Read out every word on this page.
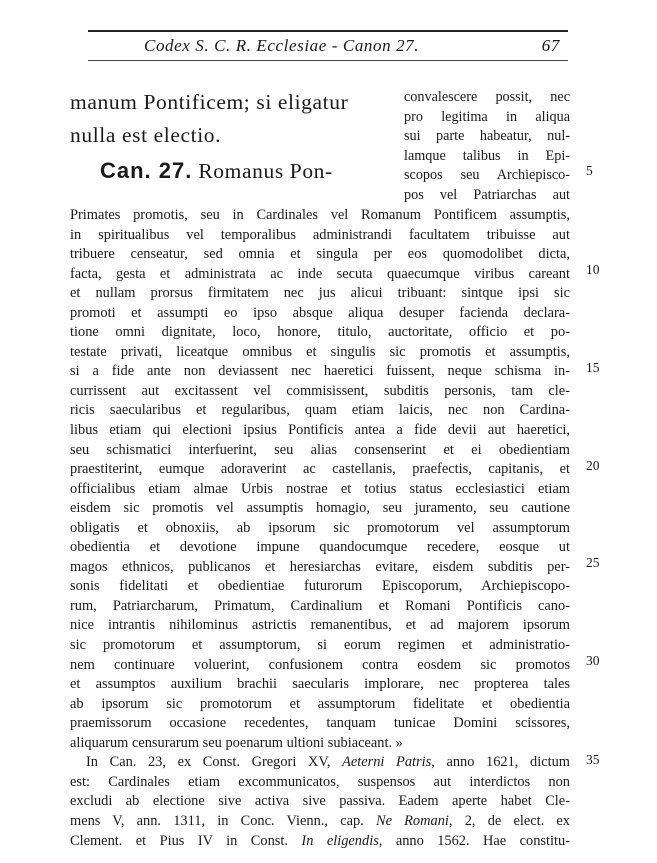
Codex S. C. R. Ecclesiae - Canon 27.	67
manum Pontificem; si eligatur
nulla est electio.
Can. 27. Romanus Pon-
convalescere possit, nec
pro legitima in aliqua
sui parte habeatur, nul-
lamque talibus in Epi-
scopos seu Archiepisco-
pos vel Patriarchas aut
Primates promotis, seu in Cardinales vel Romanum Pontificem assumptis,
in spiritualibus vel temporalibus administrandi facultatem tribuisse aut
tribuere censeatur, sed omnia et singula per eos quomodolibet dicta,
facta, gesta et administrata ac inde secuta quaecumque viribus careant
et nullam prorsus firmitatem nec jus alicui tribuant: sintque ipsi sic
promoti et assumpti eo ipso absque aliqua desuper facienda declara-
tione omni dignitate, loco, honore, titulo, auctoritate, officio et po-
testate privati, liceatque omnibus et singulis sic promotis et assumptis,
si a fide ante non deviassent nec haeretici fuissent, neque schisma in-
currissent aut excitassent vel commisissent, subditis personis, tam cle-
ricis saecularibus et regularibus, quam etiam laicis, nec non Cardina-
libus etiam qui electioni ipsius Pontificis antea a fide devii aut haeretici,
seu schismatici interfuerint, seu alias consenserint et ei obedientiam
praestiterint, eumque adoraverint ac castellanis, praefectis, capitanis, et
officialibus etiam almae Urbis nostrae et totius status ecclesiastici etiam
eisdem sic promotis vel assumptis homagio, seu juramento, seu cautione
obligatis et obnoxiis, ab ipsorum sic promotorum vel assumptorum
obedientia et devotione impune quandocumque recedere, eosque ut
magos ethnicos, publicanos et heresiarchas evitare, eisdem subditis per-
sonis fidelitati et obedientiae futurorum Episcoporum, Archiepiscopo-
rum, Patriarcharum, Primatum, Cardinalium et Romani Pontificis cano-
nice intrantis nihilominus astrictis remanentibus, et ad majorem ipsorum
sic promotorum et assumptorum, si eorum regimen et administratio-
nem continuare voluerint, confusionem contra eosdem sic promotos
et assumptos auxilium brachii saecularis implorare, nec propterea tales
ab ipsorum sic promotorum et assumptorum fidelitate et obedientia
praemissorum occasione recedentes, tanquam tunicae Domini scissores,
aliquarum censurarum seu poenarum ultioni subiaceant. »
In Can. 23, ex Const. Gregori XV, Aeterni Patris, anno 1621, dictum
est: Cardinales etiam excommunicatos, suspensos aut interdictos non
excludi ab electione sive activa sive passiva. Eadem aperte habet Cle-
mens V, ann. 1311, in Conc. Vienn., cap. Ne Romani, 2, de elect. ex
Clement. et Pius IV in Const. In eligendis, anno 1562. Hae constitu-
5
10
15
20
25
30
35
